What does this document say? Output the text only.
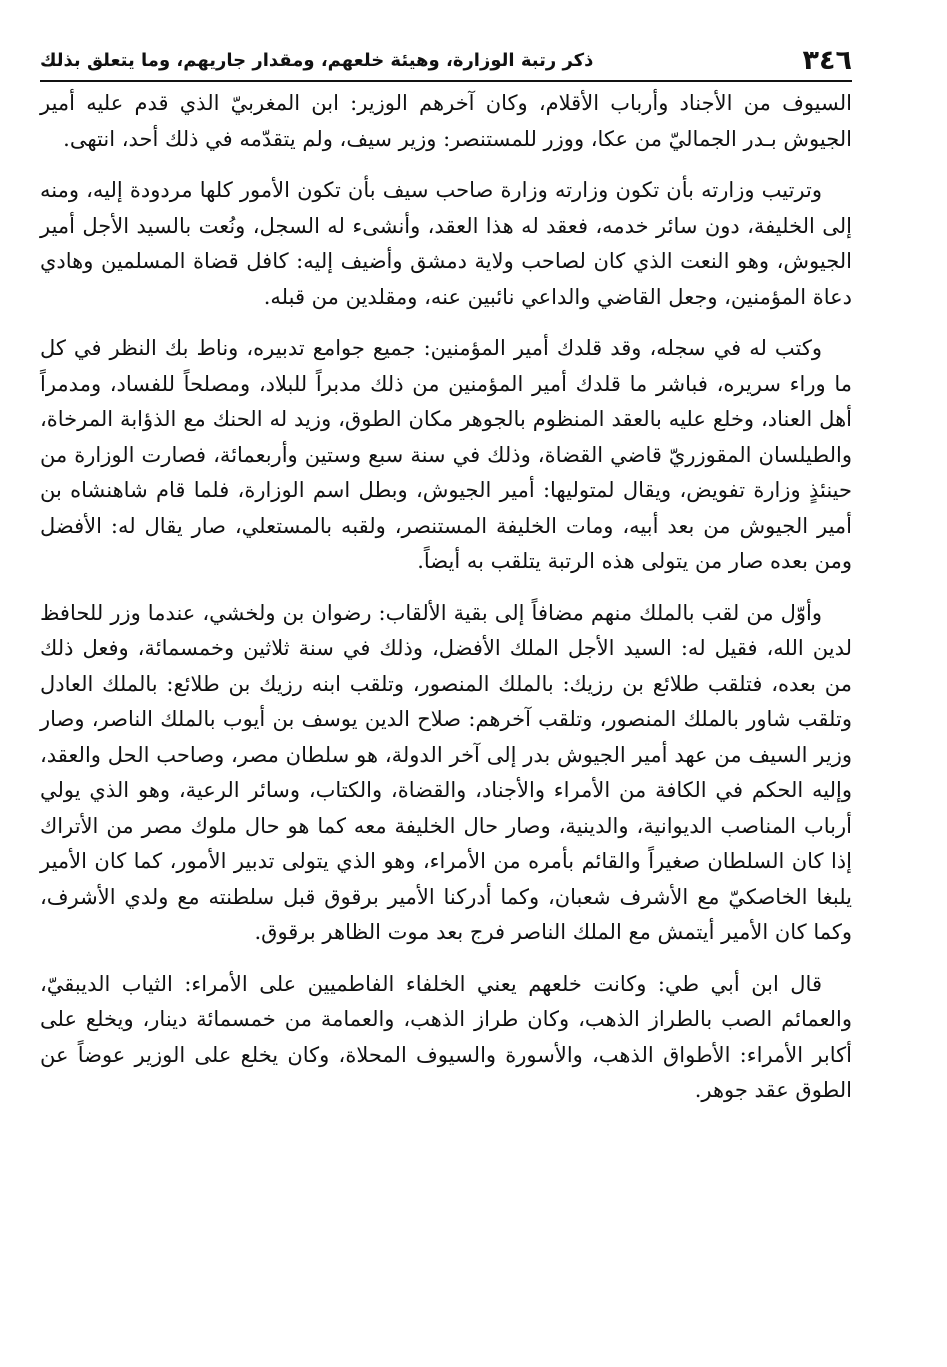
٣٤٦
ذكر رتبة الوزارة، وهيئة خلعهم، ومقدار جاريهم، وما يتعلق بذلك

السيوف من الأجناد وأرباب الأقلام، وكان آخرهم الوزير: ابن المغربيّ الذي قدم عليه أمير الجيوش بـدر الجماليّ من عكا، ووزر للمستنصر: وزير سيف، ولم يتقدّمه في ذلك أحد، انتهى.

وترتيب وزارته بأن تكون وزارته وزارة صاحب سيف بأن تكون الأمور كلها مردودة إليه، ومنه إلى الخليفة، دون سائر خدمه، فعقد له هذا العقد، وأنشىء له السجل، ونُعت بالسيد الأجل أمير الجيوش، وهو النعت الذي كان لصاحب ولاية دمشق وأضيف إليه: كافل قضاة المسلمين وهادي دعاة المؤمنين، وجعل القاضي والداعي نائبين عنه، ومقلدين من قبله.

وكتب له في سجله، وقد قلدك أمير المؤمنين: جميع جوامع تدبيره، وناط بك النظر في كل ما وراء سريره، فباشر ما قلدك أمير المؤمنين من ذلك مدبراً للبلاد، ومصلحاً للفساد، ومدمراً أهل العناد، وخلع عليه بالعقد المنظوم بالجوهر مكان الطوق، وزيد له الحنك مع الذؤابة المرخاة، والطيلسان المقوزريّ قاضي القضاة، وذلك في سنة سبع وستين وأربعمائة، فصارت الوزارة من حينئذٍ وزارة تفويض، ويقال لمتوليها: أمير الجيوش، وبطل اسم الوزارة، فلما قام شاهنشاه بن أمير الجيوش من بعد أبيه، ومات الخليفة المستنصر، ولقبه بالمستعلي، صار يقال له: الأفضل ومن بعده صار من يتولى هذه الرتبة يتلقب به أيضاً.

وأوّل من لقب بالملك منهم مضافاً إلى بقية الألقاب: رضوان بن ولخشي، عندما وزر للحافظ لدين الله، فقيل له: السيد الأجل الملك الأفضل، وذلك في سنة ثلاثين وخمسمائة، وفعل ذلك من بعده، فتلقب طلائع بن رزيك: بالملك المنصور، وتلقب ابنه رزيك بن طلائع: بالملك العادل وتلقب شاور بالملك المنصور، وتلقب آخرهم: صلاح الدين يوسف بن أيوب بالملك الناصر، وصار وزير السيف من عهد أمير الجيوش بدر إلى آخر الدولة، هو سلطان مصر، وصاحب الحل والعقد، وإليه الحكم في الكافة من الأمراء والأجناد، والقضاة، والكتاب، وسائر الرعية، وهو الذي يولي أرباب المناصب الديوانية، والدينية، وصار حال الخليفة معه كما هو حال ملوك مصر من الأتراك إذا كان السلطان صغيراً والقائم بأمره من الأمراء، وهو الذي يتولى تدبير الأمور، كما كان الأمير يلبغا الخاصكيّ مع الأشرف شعبان، وكما أدركنا الأمير برقوق قبل سلطنته مع ولدي الأشرف، وكما كان الأمير أيتمش مع الملك الناصر فرج بعد موت الظاهر برقوق.

قال ابن أبي طي: وكانت خلعهم يعني الخلفاء الفاطميين على الأمراء: الثياب الديبقيّ، والعمائم الصب بالطراز الذهب، وكان طراز الذهب، والعمامة من خمسمائة دينار، ويخلع على أكابر الأمراء: الأطواق الذهب، والأسورة والسيوف المحلاة، وكان يخلع على الوزير عوضاً عن الطوق عقد جوهر.
